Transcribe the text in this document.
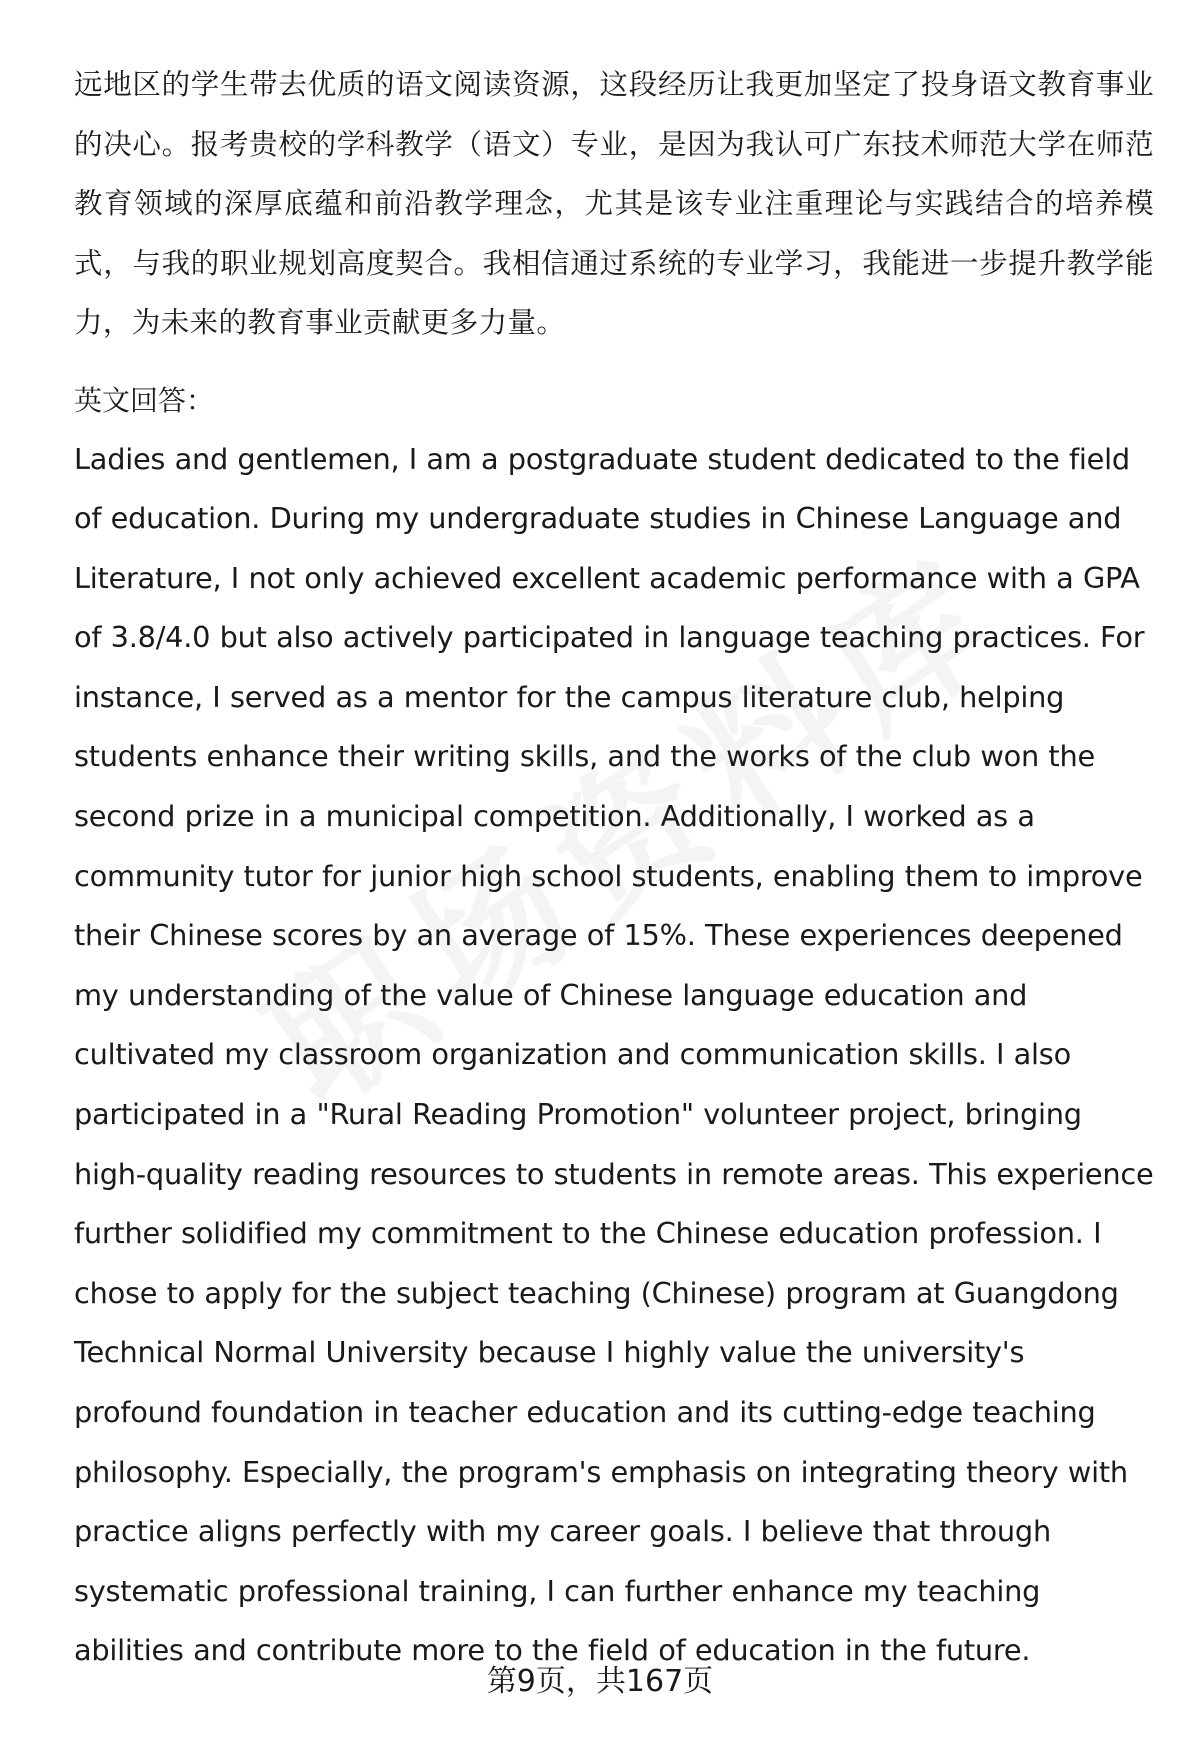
远地区的学生带去优质的语文阅读资源，这段经历让我更加坚定了投身语文教育事业的决心。报考贵校的学科教学（语文）专业，是因为我认可广东技术师范大学在师范教育领域的深厚底蕴和前沿教学理念，尤其是该专业注重理论与实践结合的培养模式，与我的职业规划高度契合。我相信通过系统的专业学习，我能进一步提升教学能力，为未来的教育事业贡献更多力量。

英文回答：

Ladies and gentlemen, I am a postgraduate student dedicated to the field of education. During my undergraduate studies in Chinese Language and Literature, I not only achieved excellent academic performance with a GPA of 3.8/4.0 but also actively participated in language teaching practices. For instance, I served as a mentor for the campus literature club, helping students enhance their writing skills, and the works of the club won the second prize in a municipal competition. Additionally, I worked as a community tutor for junior high school students, enabling them to improve their Chinese scores by an average of 15%. These experiences deepened my understanding of the value of Chinese language education and cultivated my classroom organization and communication skills. I also participated in a "Rural Reading Promotion" volunteer project, bringing high-quality reading resources to students in remote areas. This experience further solidified my commitment to the Chinese education profession. I chose to apply for the subject teaching (Chinese) program at Guangdong Technical Normal University because I highly value the university's profound foundation in teacher education and its cutting-edge teaching philosophy. Especially, the program's emphasis on integrating theory with practice aligns perfectly with my career goals. I believe that through systematic professional training, I can further enhance my teaching abilities and contribute more to the field of education in the future.

第9页，共167页
